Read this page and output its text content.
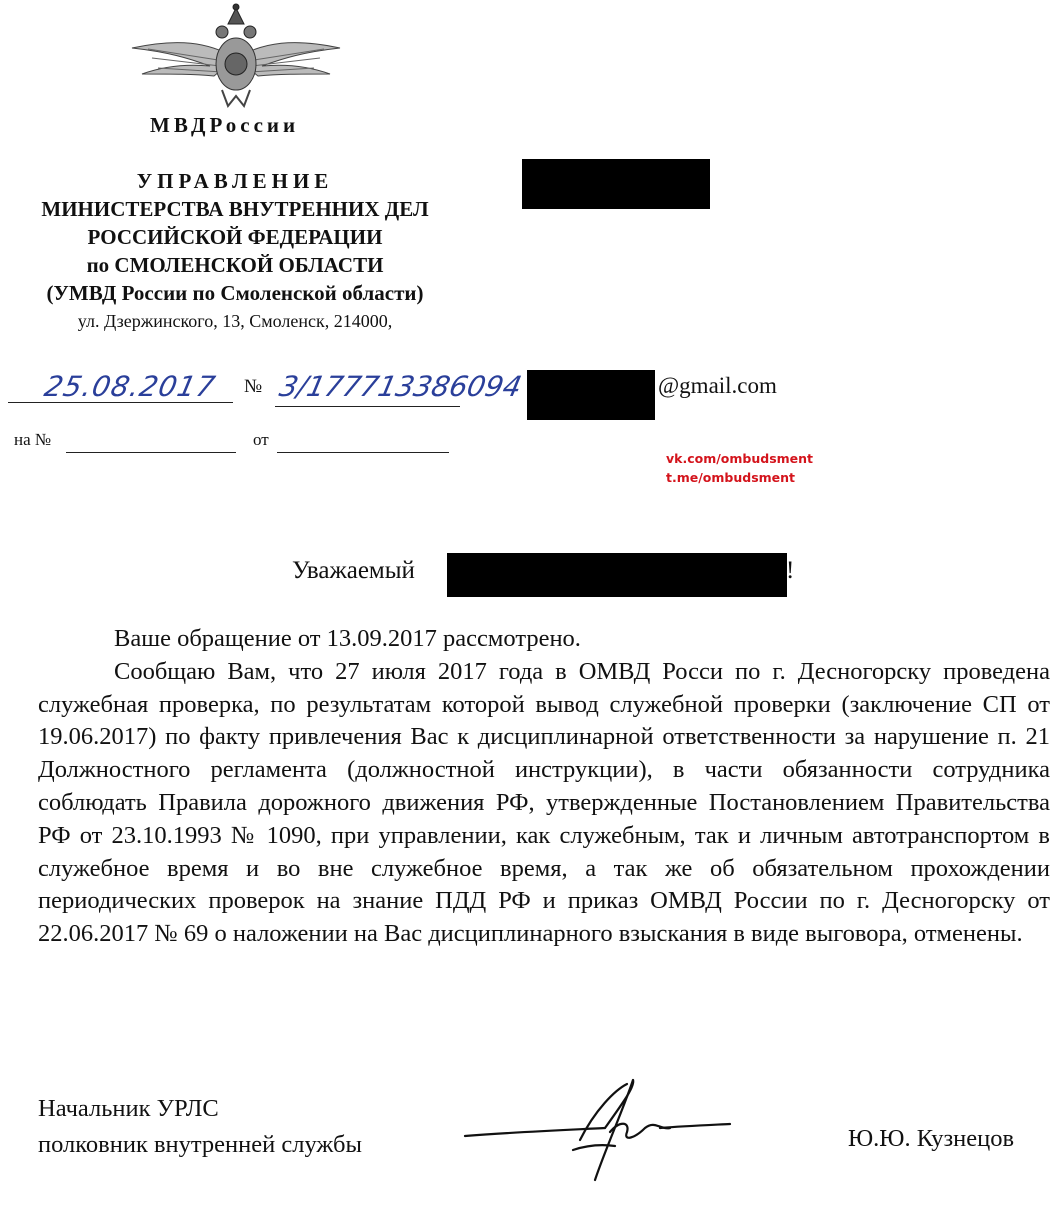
МВДРоссии
УПРАВЛЕНИЕ
МИНИСТЕРСТВА ВНУТРЕННИХ ДЕЛ
РОССИЙСКОЙ ФЕДЕРАЦИИ
по СМОЛЕНСКОЙ ОБЛАСТИ
(УМВД России по Смоленской области)
ул. Дзержинского, 13, Смоленск, 214000,
25.08.2017 № 3/177713386094	@gmail.com
на №	от
vk.com/ombudsment
t.me/ombudsment
Уважаемый	!

Ваше обращение от 13.09.2017 рассмотрено.

Сообщаю Вам, что 27 июля 2017 года в ОМВД Росси по г. Десногорску проведена служебная проверка, по результатам которой вывод служебной проверки (заключение СП от 19.06.2017) по факту привлечения Вас к дисциплинарной ответственности за нарушение п. 21 Должностного регламента (должностной инструкции), в части обязанности сотрудника соблюдать Правила дорожного движения РФ, утвержденные Постановлением Правительства РФ от 23.10.1993 № 1090, при управлении, как служебным, так и личным автотранспортом в служебное время и во вне служебное время, а так же об обязательном прохождении периодических проверок на знание ПДД РФ и приказ ОМВД России по г. Десногорску от 22.06.2017 № 69 о наложении на Вас дисциплинарного взыскания в виде выговора, отменены.

Начальник УРЛС
полковник внутренней службы	Ю.Ю. Кузнецов
